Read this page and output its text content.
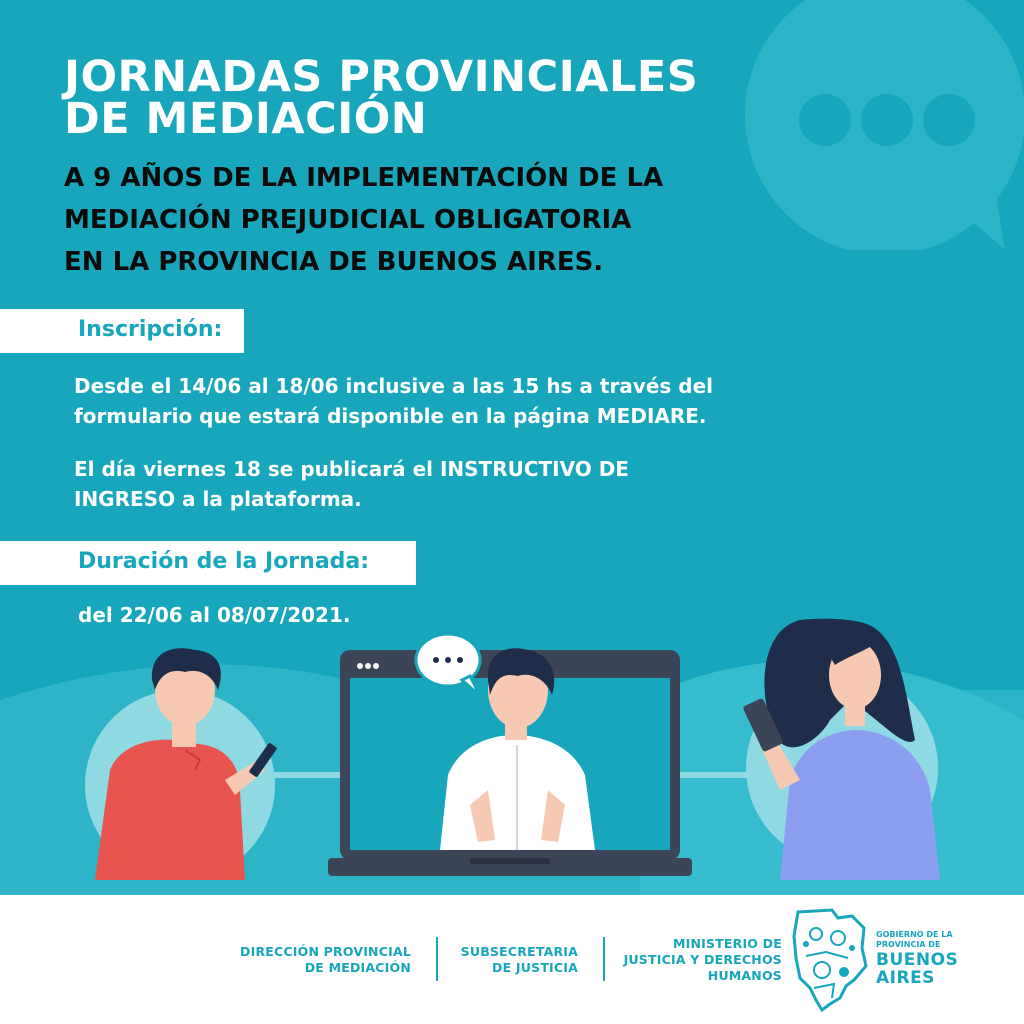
JORNADAS PROVINCIALES
DE MEDIACIÓN
A 9 AÑOS DE LA IMPLEMENTACIÓN DE LA
MEDIACIÓN PREJUDICIAL OBLIGATORIA
EN LA PROVINCIA DE BUENOS AIRES.
Inscripción:
Desde el 14/06 al 18/06 inclusive a las 15 hs a través del
formulario que estará disponible en la página MEDIARE.
El día viernes 18 se publicará el INSTRUCTIVO DE
INGRESO a la plataforma.
Duración de la Jornada:
del 22/06 al 08/07/2021.
DIRECCIÓN PROVINCIAL
DE MEDIACIÓN
SUBSECRETARIA
DE JUSTICIA
MINISTERIO DE
JUSTICIA Y DERECHOS
HUMANOS
GOBIERNO DE LA
PROVINCIA DE
BUENOS
AIRES
